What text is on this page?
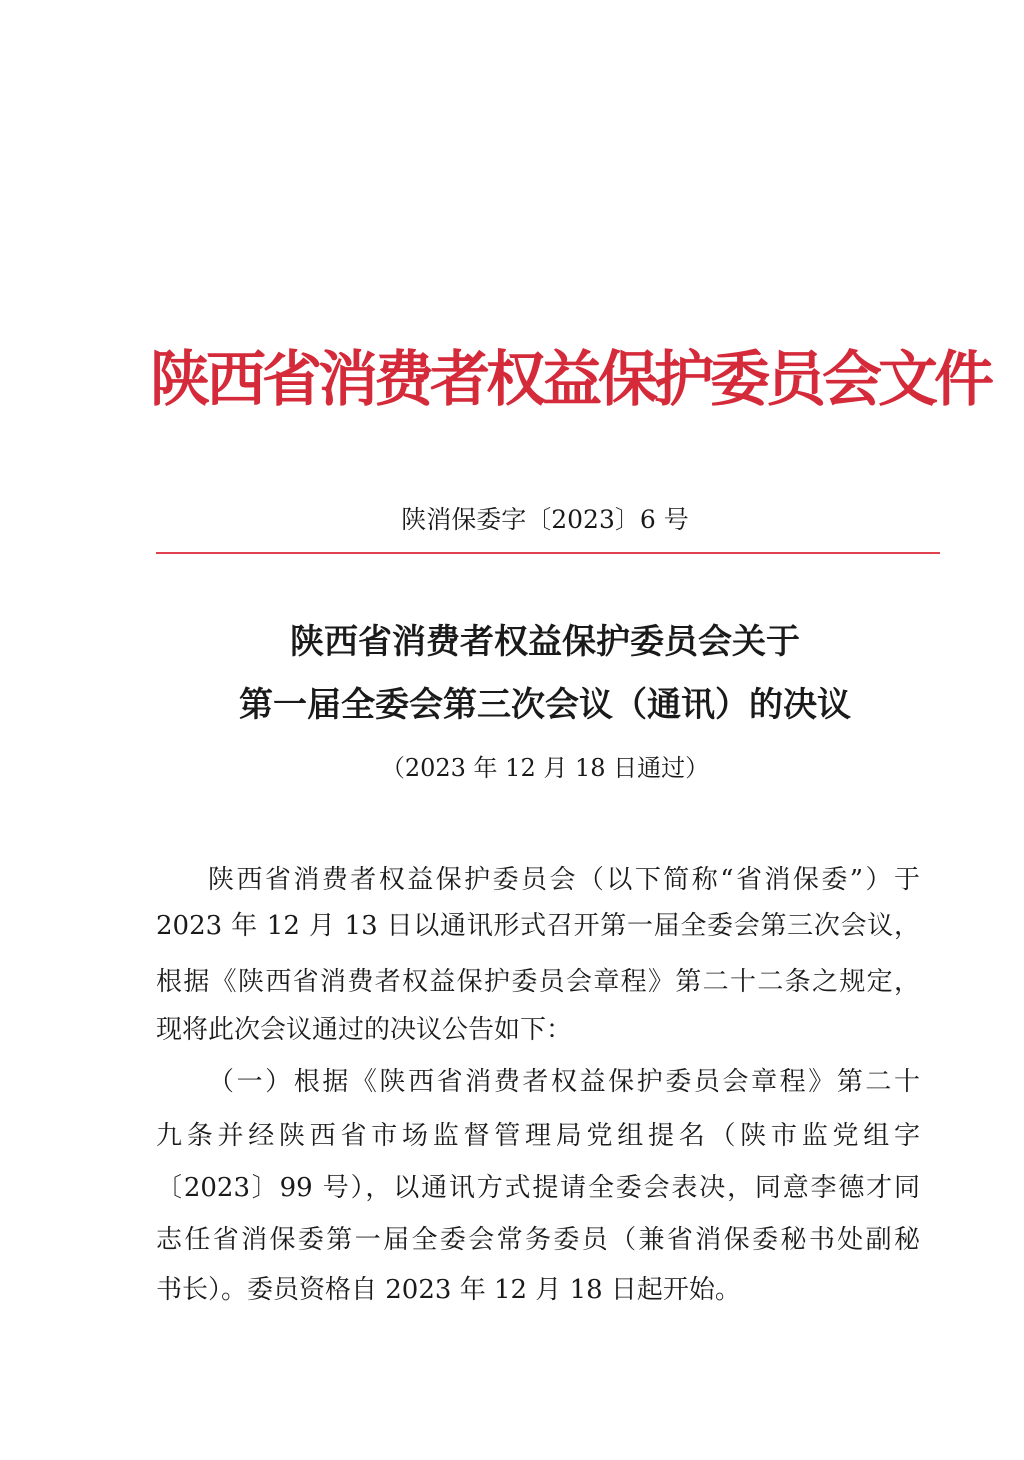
陕西省消费者权益保护委员会文件
陕消保委字〔2023〕6 号
陕西省消费者权益保护委员会关于
第一届全委会第三次会议（通讯）的决议
（2023 年 12 月 18 日通过）
陕西省消费者权益保护委员会（以下简称“省消保委”）于
2023 年 12 月 13 日以通讯形式召开第一届全委会第三次会议，
根据《陕西省消费者权益保护委员会章程》第二十二条之规定，
现将此次会议通过的决议公告如下：
（一）根据《陕西省消费者权益保护委员会章程》第二十
九条并经陕西省市场监督管理局党组提名（陕市监党组字
〔2023〕99 号），以通讯方式提请全委会表决，同意李德才同
志任省消保委第一届全委会常务委员（兼省消保委秘书处副秘
书长）。委员资格自 2023 年 12 月 18 日起开始。
